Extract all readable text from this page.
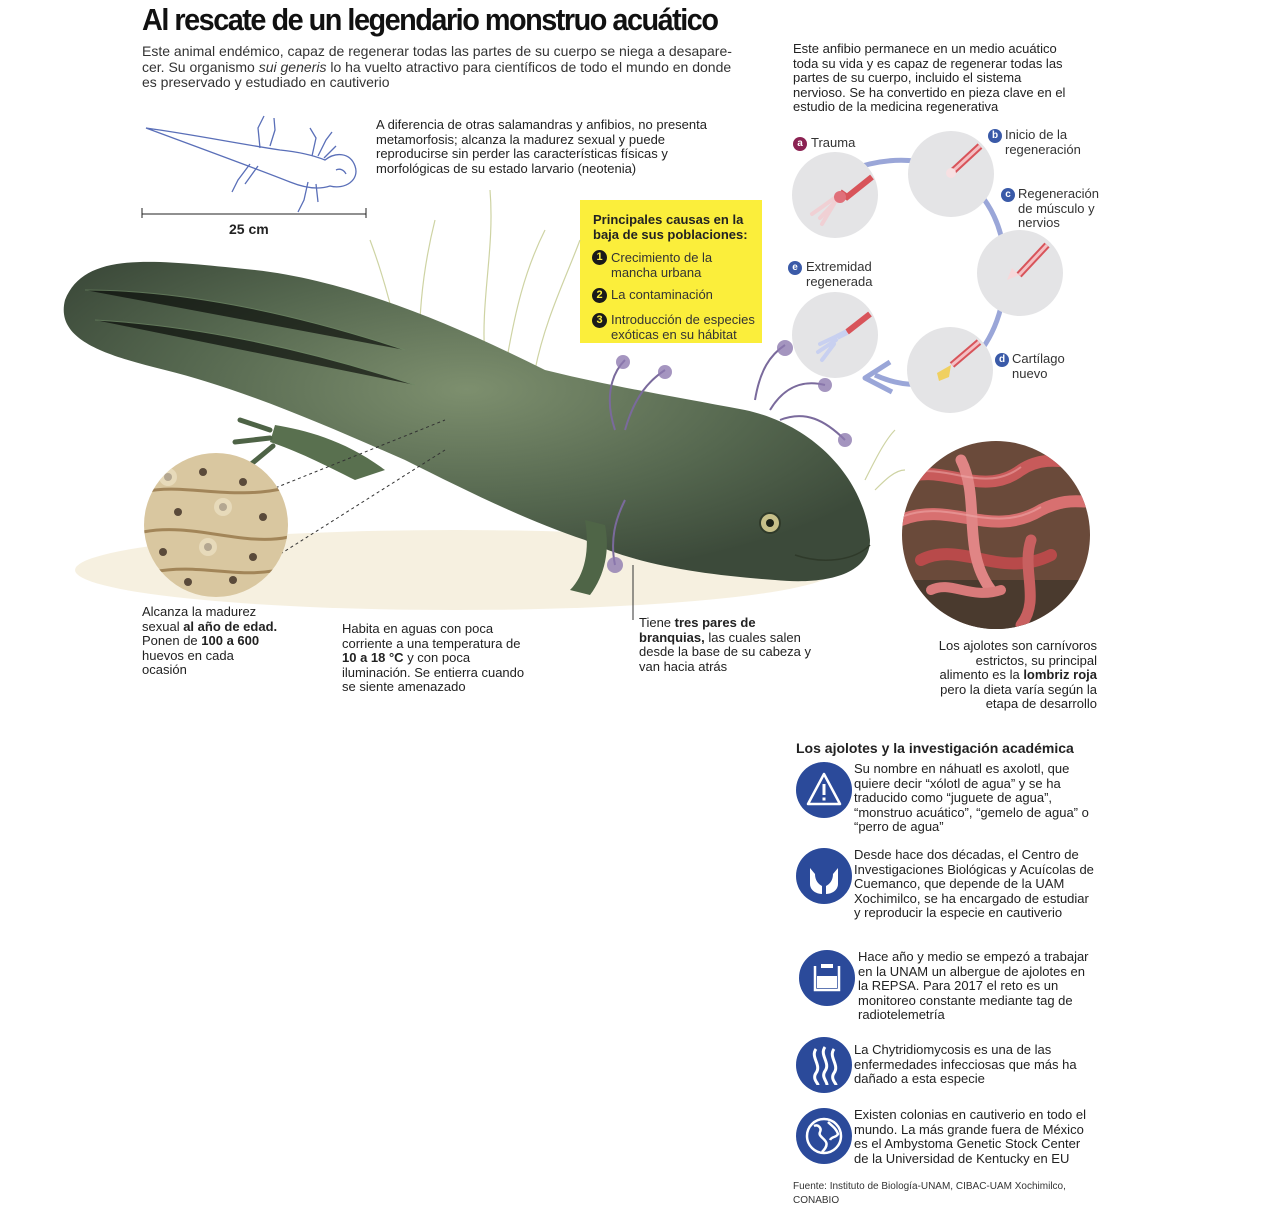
Al rescate de un legendario monstruo acuático
Este animal endémico, capaz de regenerar todas las partes de su cuerpo se niega a desapare-cer. Su organismo sui generis lo ha vuelto atractivo para científicos de todo el mundo en donde es preservado y estudiado en cautiverio
25 cm
A diferencia de otras salamandras y anfibios, no presenta metamorfosis; alcanza la madurez sexual y puede reproducirse sin perder las características físicas y morfológicas de su estado larvario (neotenia)
Principales causas en la baja de sus poblaciones:
1 Crecimiento de la mancha urbana
2 La contaminación
3 Introducción de especies exóticas en su hábitat
Alcanza la madurez sexual al año de edad. Ponen de 100 a 600 huevos en cada ocasión
Habita en aguas con poca corriente a una temperatura de 10 a 18 °C y con poca iluminación. Se entierra cuando se siente amenazado
Tiene tres pares de branquias, las cuales salen desde la base de su cabeza y van hacia atrás
Este anfibio permanece en un medio acuático toda su vida y es capaz de regenerar todas las partes de su cuerpo, incluido el sistema nervioso. Se ha convertido en pieza clave en el estudio de la medicina regenerativa
a Trauma	b Inicio de la regeneración
c Regeneración de músculo y nervios
d Cartílago nuevo
e Extremidad regenerada
Los ajolotes son carnívoros estrictos, su principal alimento es la lombriz roja pero la dieta varía según la etapa de desarrollo
Los ajolotes y la investigación académica
Su nombre en náhuatl es axolotl, que quiere decir “xólotl de agua” y se ha traducido como “juguete de agua”, “monstruo acuático”, “gemelo de agua” o “perro de agua”
Desde hace dos décadas, el Centro de Investigaciones Biológicas y Acuícolas de Cuemanco, que depende de la UAM Xochimilco, se ha encargado de estudiar y reproducir la especie en cautiverio
Hace año y medio se empezó a trabajar en la UNAM un albergue de ajolotes en la REPSA. Para 2017 el reto es un monitoreo constante mediante tag de radiotelemetría
La Chytridiomycosis es una de las enfermedades infecciosas que más ha dañado a esta especie
Existen colonias en cautiverio en todo el mundo. La más grande fuera de México es el Ambystoma Genetic Stock Center de la Universidad de Kentucky en EU
Fuente: Instituto de Biología-UNAM, CIBAC-UAM Xochimilco, CONABIO
